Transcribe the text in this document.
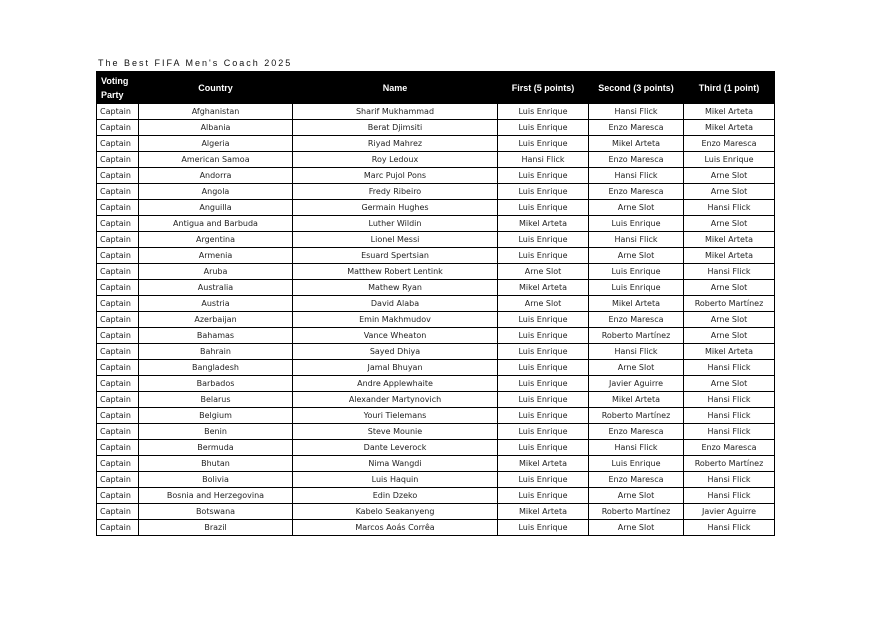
The Best FIFA Men's Coach 2025
Voting Party	Country	Name	First (5 points)	Second (3 points)	Third (1 point)
Captain	Afghanistan	Sharif Mukhammad	Luis Enrique	Hansi Flick	Mikel Arteta
Captain	Albania	Berat Djimsiti	Luis Enrique	Enzo Maresca	Mikel Arteta
Captain	Algeria	Riyad Mahrez	Luis Enrique	Mikel Arteta	Enzo Maresca
Captain	American Samoa	Roy Ledoux	Hansi Flick	Enzo Maresca	Luis Enrique
Captain	Andorra	Marc Pujol Pons	Luis Enrique	Hansi Flick	Arne Slot
Captain	Angola	Fredy Ribeiro	Luis Enrique	Enzo Maresca	Arne Slot
Captain	Anguilla	Germain Hughes	Luis Enrique	Arne Slot	Hansi Flick
Captain	Antigua and Barbuda	Luther Wildin	Mikel Arteta	Luis Enrique	Arne Slot
Captain	Argentina	Lionel Messi	Luis Enrique	Hansi Flick	Mikel Arteta
Captain	Armenia	Esuard Spertsian	Luis Enrique	Arne Slot	Mikel Arteta
Captain	Aruba	Matthew Robert Lentink	Arne Slot	Luis Enrique	Hansi Flick
Captain	Australia	Mathew Ryan	Mikel Arteta	Luis Enrique	Arne Slot
Captain	Austria	David Alaba	Arne Slot	Mikel Arteta	Roberto Martínez
Captain	Azerbaijan	Emin Makhmudov	Luis Enrique	Enzo Maresca	Arne Slot
Captain	Bahamas	Vance Wheaton	Luis Enrique	Roberto Martínez	Arne Slot
Captain	Bahrain	Sayed Dhiya	Luis Enrique	Hansi Flick	Mikel Arteta
Captain	Bangladesh	Jamal Bhuyan	Luis Enrique	Arne Slot	Hansi Flick
Captain	Barbados	Andre Applewhaite	Luis Enrique	Javier Aguirre	Arne Slot
Captain	Belarus	Alexander Martynovich	Luis Enrique	Mikel Arteta	Hansi Flick
Captain	Belgium	Youri Tielemans	Luis Enrique	Roberto Martínez	Hansi Flick
Captain	Benin	Steve Mounie	Luis Enrique	Enzo Maresca	Hansi Flick
Captain	Bermuda	Dante Leverock	Luis Enrique	Hansi Flick	Enzo Maresca
Captain	Bhutan	Nima Wangdi	Mikel Arteta	Luis Enrique	Roberto Martínez
Captain	Bolivia	Luis Haquin	Luis Enrique	Enzo Maresca	Hansi Flick
Captain	Bosnia and Herzegovina	Edin Dzeko	Luis Enrique	Arne Slot	Hansi Flick
Captain	Botswana	Kabelo Seakanyeng	Mikel Arteta	Roberto Martínez	Javier Aguirre
Captain	Brazil	Marcos Aoás Corrêa	Luis Enrique	Arne Slot	Hansi Flick
